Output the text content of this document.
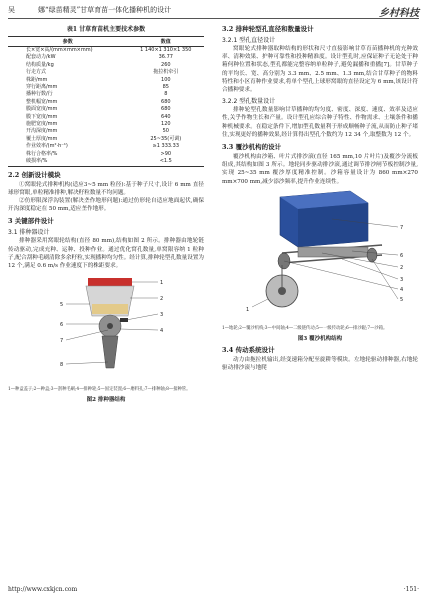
吴	娜“绿苗精灵”甘草育苗一体化播种机的设计	乡村科技
表1 甘草育苗机主要技术参数
参数	数值
长×宽×高/(mm×mm×mm)	1 140×1 310×1 350
配套动力/kW	36.77
结构质量/kg	260
行走方式	拖拉机牵引
株距/mm	100
穿行距离/mm	85
播种行数/行	8
整机幅宽/mm	680
膜面宽度/mm	680
膜下宽度/mm	640
施肥宽度/mm	120
开沟深度/mm	50
覆土厚度/mm	25~35(可调)
作业效率/(m²·h⁻¹)	≥1 333.33
株行合格率/%	>90
破损率/%	<1.5
2.2 创新设计模块

①窝眼轮式排种机构(适应3~5 mm 粒径):基于种子尺寸,设计 6 mm 直径球形窝眼,单粒精准排种,解决籽粒数量不均问题。

②仿形限深浮沟装置(解决垄作地形问题):通过仿形轮自适应地面起伏,确保开沟深度稳定在 50 mm,适应垄作地形。

3 关键部件设计
3.1 排种器设计

排种器采用窝眼轮结构(直径 80 mm),结构如图 2 所示。排种器由地轮链传动驱动,完成充种、运种、投种作业。通过优化窝孔数量,单窝限容纳 1 粒种子,配合刮种毛刷清除多余籽粒,实现播种均匀性。经计算,排种轮型孔数量设置为 12 个,满足 0.6 m/s 作业速度下的株距要求。

1
2
3
4
5
6
7
8
1—种盒盖子;2—种盒;3—刮种毛刷;4—排种轮;5—固定装置;6—磨料孔;7—排种轴;8—接种管。
图2 排种器结构
3.2 排种轮型孔直径和数量设计
3.2.1 型孔直径设计

窝眼轮式排种器取种结构的形状和尺寸直接影响甘草育苗播种机的充种效率、清种效果、护种可靠性和投种精准度。设计型孔时,应保证种子无论处于种箱何种位置和状态,型孔都能完整容纳单粒种子,避免漏播和重播[7]。甘草种子的平均长、宽、高分别为 3.3 mm、2.5 mm、1.3 mm,结合甘草种子的物料特性和小区育种作业要求,将单个型孔上球形窝眼的直径设定为 6 mm,该设计符合播种要求。

3.2.2 型孔数量设计

排种轮型孔数量影响甘草播种的均匀度、密度、深度、速度、效率及适应性,关乎作物生长和产量。设计型孔应综合种子特性、作物需求、土壤条件和播种机械要求。在稳定条件下,增加型孔数量利于形成顺畅种子流,从而防止种子堵住,实现更好的播种效果,经计算得出型孔个数约为 12 34 个,取整数为 12 个。

3.3 覆沙机构的设计

覆沙机构由沙箱、叶片式排沙滚(直径 165 mm,10 片叶片)及覆沙分流板组成,其结构如图 3 所示。地轮同步驱动排沙滚,通过调节排沙闸节板控制沙量,实现 25~35 mm 覆沙厚度精准控制。沙箱容量设计为 860 mm×270 mm×700 mm,减少添沙频率,提升作业连续性。

1
2
3
4
5
6
7
1—地轮;2—覆沙机构;3—中间轴;4—二级链传动;5—一级传动轮;6—排沙辊;7—沙箱。
图3 覆沙机构结构
3.4 传动系统设计

动力由拖拉机输出,经变速箱分配至旋耕等模块。左地轮驱动排种器,右地轮驱动排沙滚与地爬

http://www.cxkjcn.com	·151·
